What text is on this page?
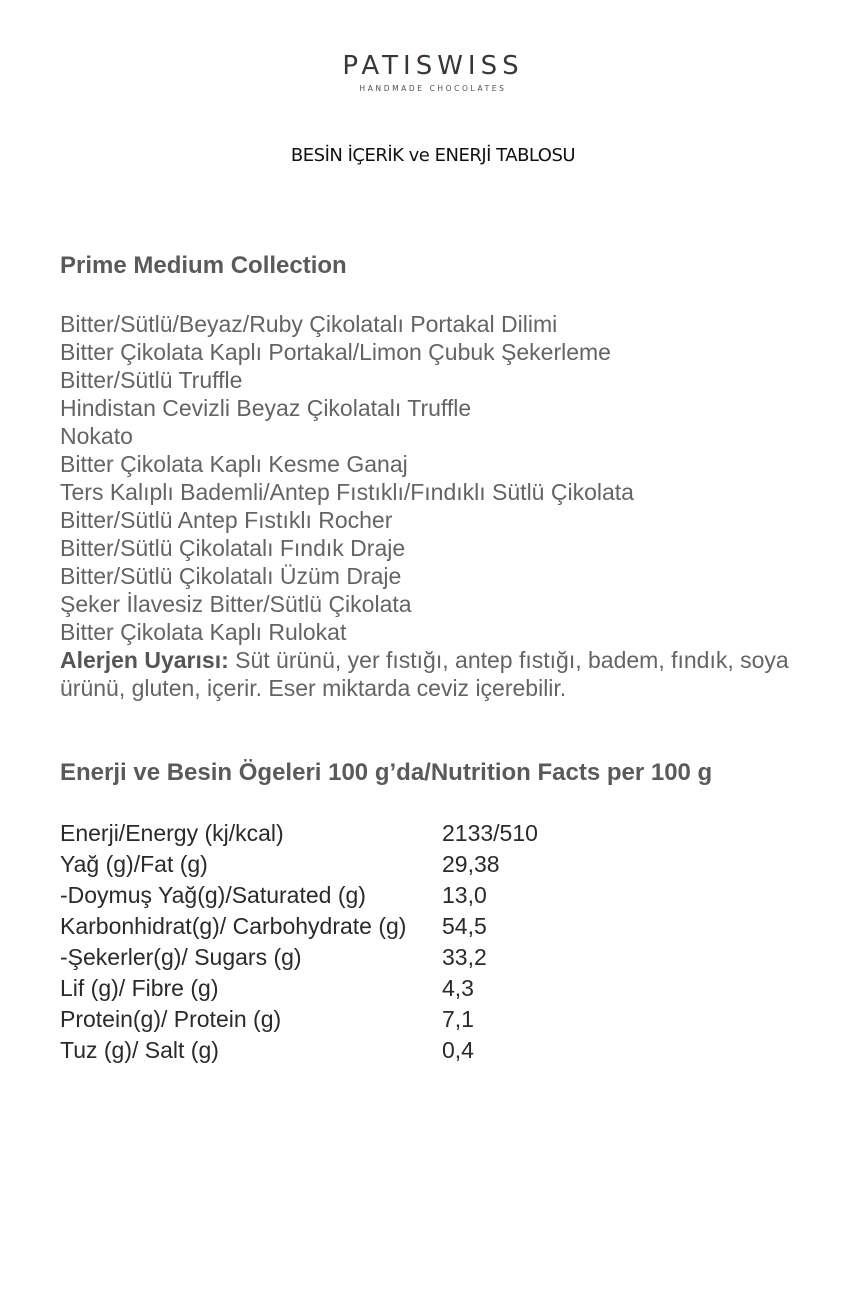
PATISWISS
HANDMADE CHOCOLATES
BESİN İÇERİK ve ENERJİ TABLOSU
Prime Medium Collection
Bitter/Sütlü/Beyaz/Ruby Çikolatalı Portakal Dilimi
Bitter Çikolata Kaplı Portakal/Limon Çubuk Şekerleme
Bitter/Sütlü Truffle
Hindistan Cevizli Beyaz Çikolatalı Truffle
Nokato
Bitter Çikolata Kaplı Kesme Ganaj
Ters Kalıplı Bademli/Antep Fıstıklı/Fındıklı Sütlü Çikolata
Bitter/Sütlü Antep Fıstıklı Rocher
Bitter/Sütlü Çikolatalı Fındık Draje
Bitter/Sütlü Çikolatalı Üzüm Draje
Şeker İlavesiz Bitter/Sütlü Çikolata
Bitter Çikolata Kaplı Rulokat
Alerjen Uyarısı: Süt ürünü, yer fıstığı, antep fıstığı, badem, fındık, soya ürünü, gluten, içerir. Eser miktarda ceviz içerebilir.
Enerji ve Besin Ögeleri 100 g’da/Nutrition Facts per 100 g
Enerji/Energy (kj/kcal)	2133/510
Yağ (g)/Fat (g)	29,38
-Doymuş Yağ(g)/Saturated (g)	13,0
Karbonhidrat(g)/ Carbohydrate (g) 54,5
-Şekerler(g)/ Sugars (g)	33,2
Lif (g)/ Fibre (g)	4,3
Protein(g)/ Protein (g)	7,1
Tuz (g)/ Salt (g)	0,4
